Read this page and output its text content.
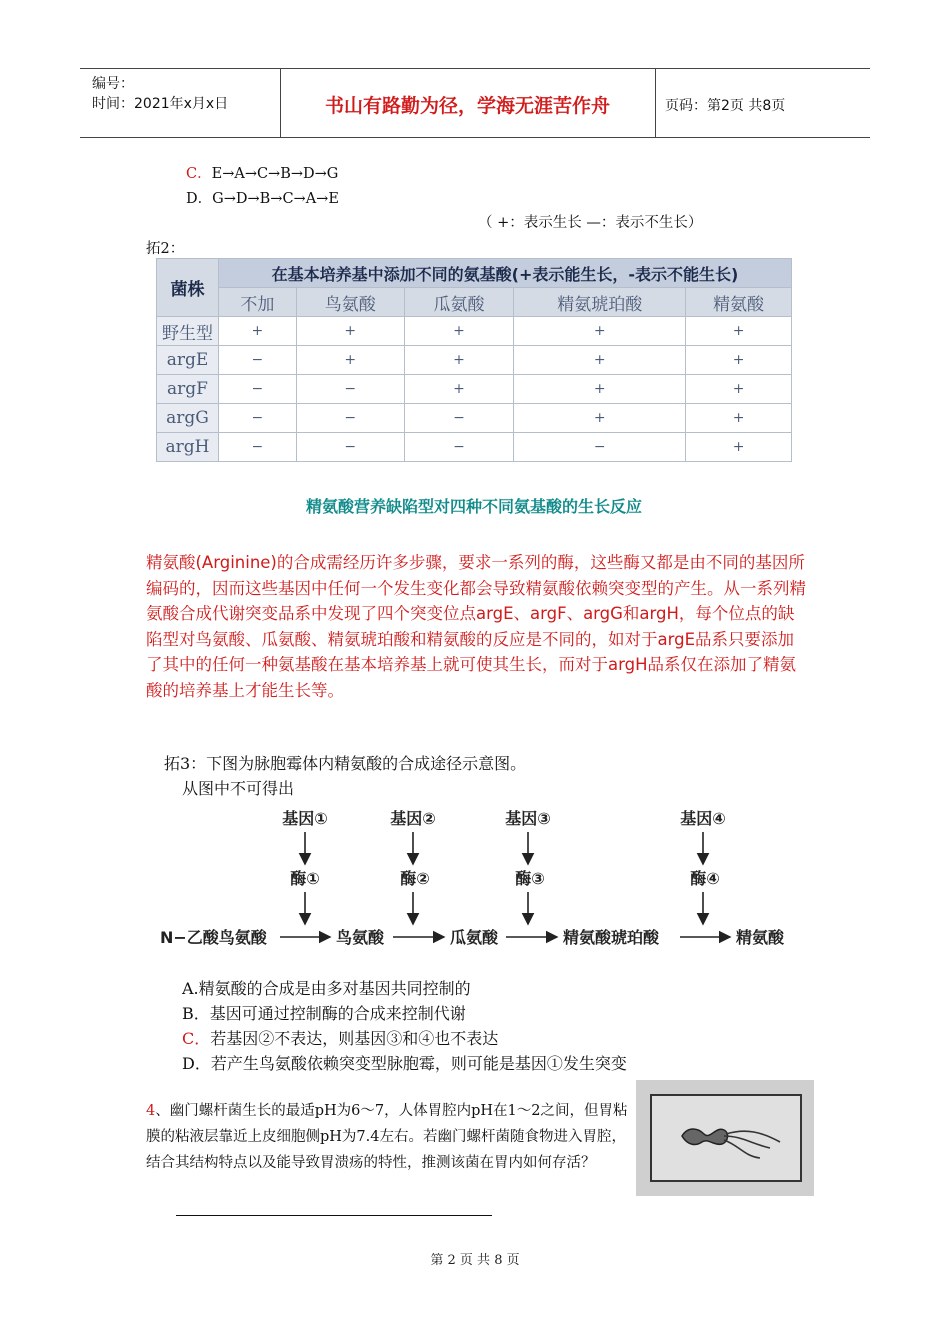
编号：
时间：2021年x月x日	书山有路勤为径，学海无涯苦作舟	页码：第2页 共8页
C．E→A→C→B→D→G
D．G→D→B→C→A→E
（ +：表示生长 —：表示不生长）
拓2：
菌株	在基本培养基中添加不同的氨基酸(+表示能生长，-表示不能生长)				
	不加	鸟氨酸	瓜氨酸	精氨琥珀酸	精氨酸
野生型	+	+	+	+	+
argE	−	+	+	+	+
argF	−	−	+	+	+
argG	−	−	−	+	+
argH	−	−	−	−	+
精氨酸营养缺陷型对四种不同氨基酸的生长反应
精氨酸(Arginine)的合成需经历许多步骤，要求一系列的酶，这些酶又都是由不同的基因所编码的，因而这些基因中任何一个发生变化都会导致精氨酸依赖突变型的产生。从一系列精氨酸合成代谢突变品系中发现了四个突变位点argE、argF、argG和argH，每个位点的缺陷型对鸟氨酸、瓜氨酸、精氨琥珀酸和精氨酸的反应是不同的，如对于argE品系只要添加了其中的任何一种氨基酸在基本培养基上就可使其生长，而对于argH品系仅在添加了精氨酸的培养基上才能生长等。
拓3：下图为脉胞霉体内精氨酸的合成途径示意图。
从图中不可得出
基因①	基因②	基因③	基因④
酶①	酶②	酶③	酶④
N−乙酸鸟氨酸	鸟氨酸	瓜氨酸	精氨酸琥珀酸	精氨酸
A.精氨酸的合成是由多对基因共同控制的
B．基因可通过控制酶的合成来控制代谢
C．若基因②不表达，则基因③和④也不表达
D．若产生鸟氨酸依赖突变型脉胞霉，则可能是基因①发生突变
4、幽门螺杆菌生长的最适pH为6～7，人体胃腔内pH在1～2之间，但胃粘膜的粘液层靠近上皮细胞侧pH为7.4左右。若幽门螺杆菌随食物进入胃腔，结合其结构特点以及能导致胃溃疡的特性，推测该菌在胃内如何存活？
第 2 页 共 8 页
